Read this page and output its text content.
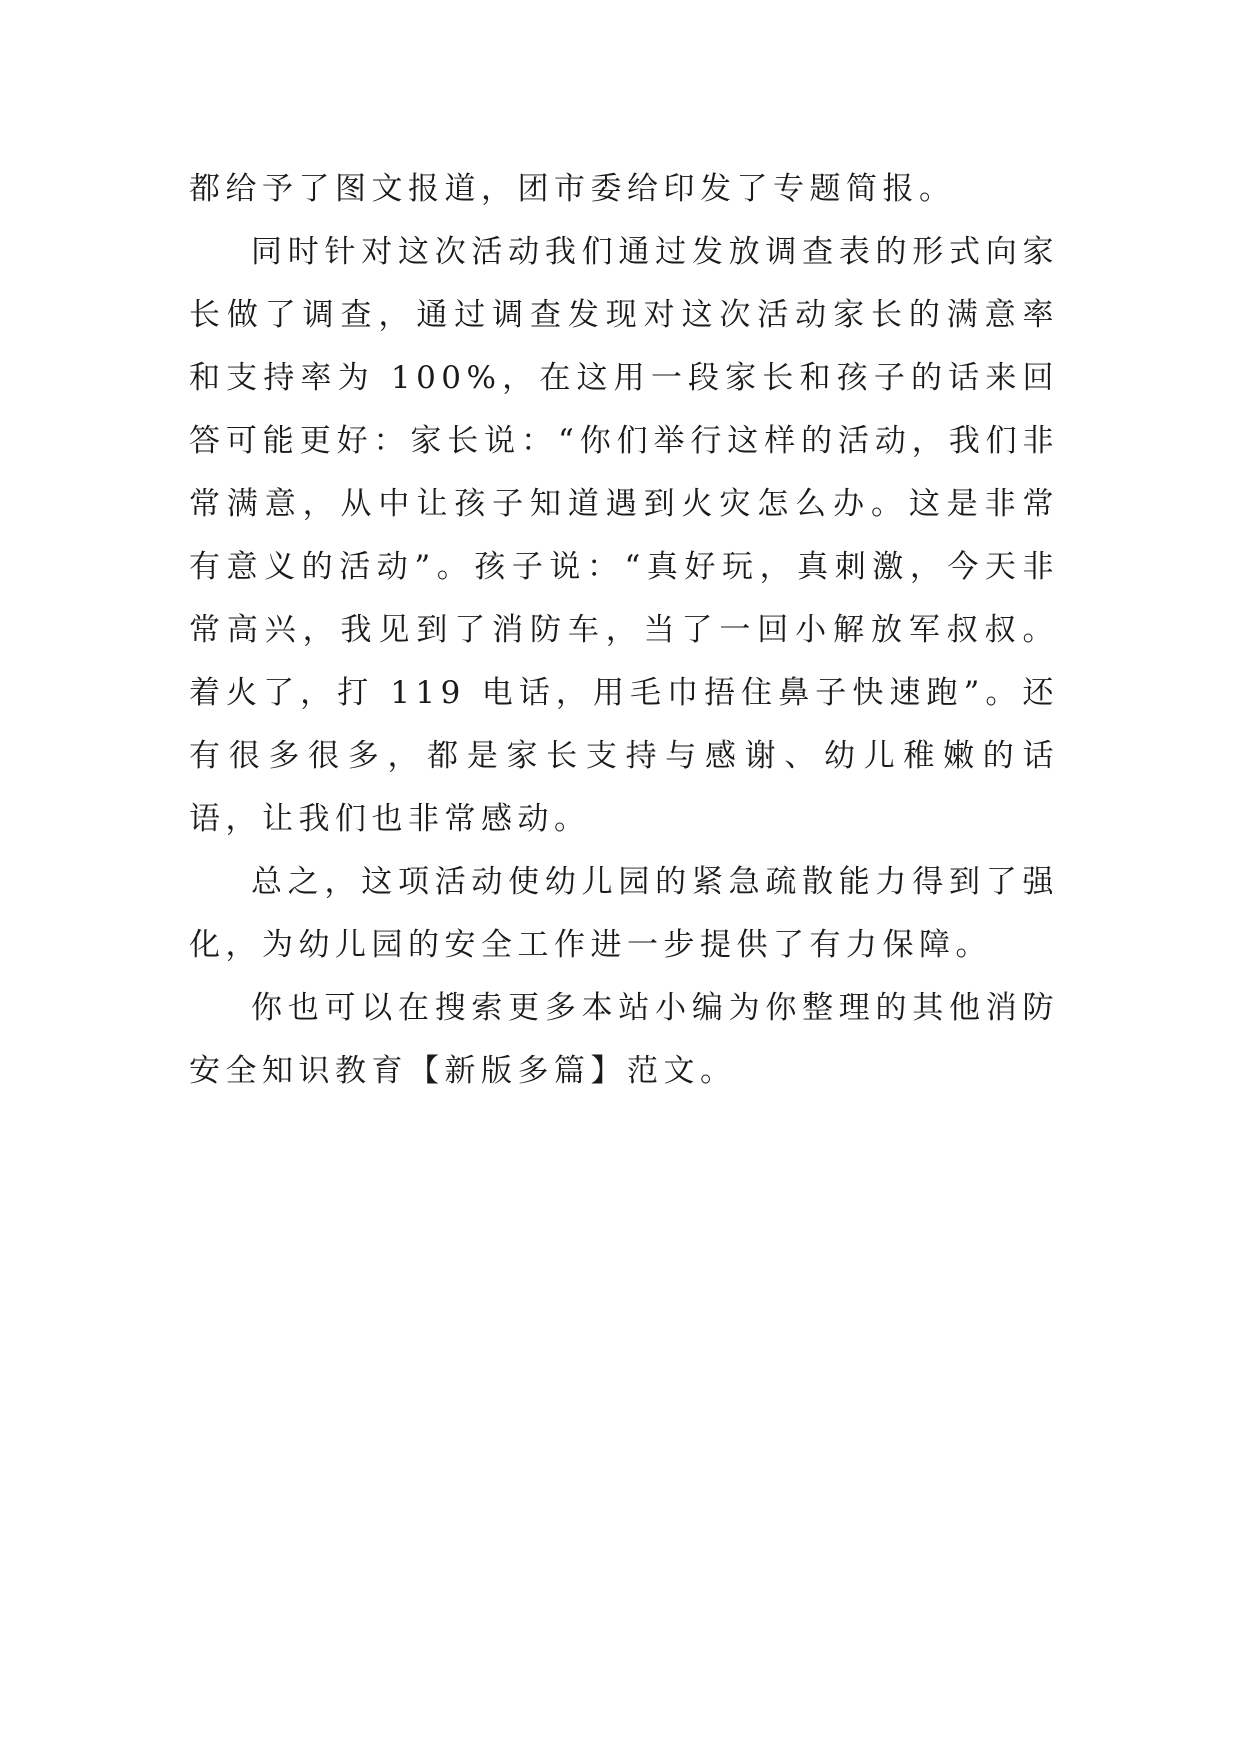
都给予了图文报道，团市委给印发了专题简报。

同时针对这次活动我们通过发放调查表的形式向家长做了调查，通过调查发现对这次活动家长的满意率和支持率为 100%，在这用一段家长和孩子的话来回答可能更好：家长说：“你们举行这样的活动，我们非常满意，从中让孩子知道遇到火灾怎么办。这是非常有意义的活动”。孩子说：“真好玩，真刺激，今天非常高兴，我见到了消防车，当了一回小解放军叔叔。着火了，打 119 电话，用毛巾捂住鼻子快速跑”。还有很多很多，都是家长支持与感谢、幼儿稚嫩的话语，让我们也非常感动。

总之，这项活动使幼儿园的紧急疏散能力得到了强化，为幼儿园的安全工作进一步提供了有力保障。

你也可以在搜索更多本站小编为你整理的其他消防安全知识教育【新版多篇】范文。
